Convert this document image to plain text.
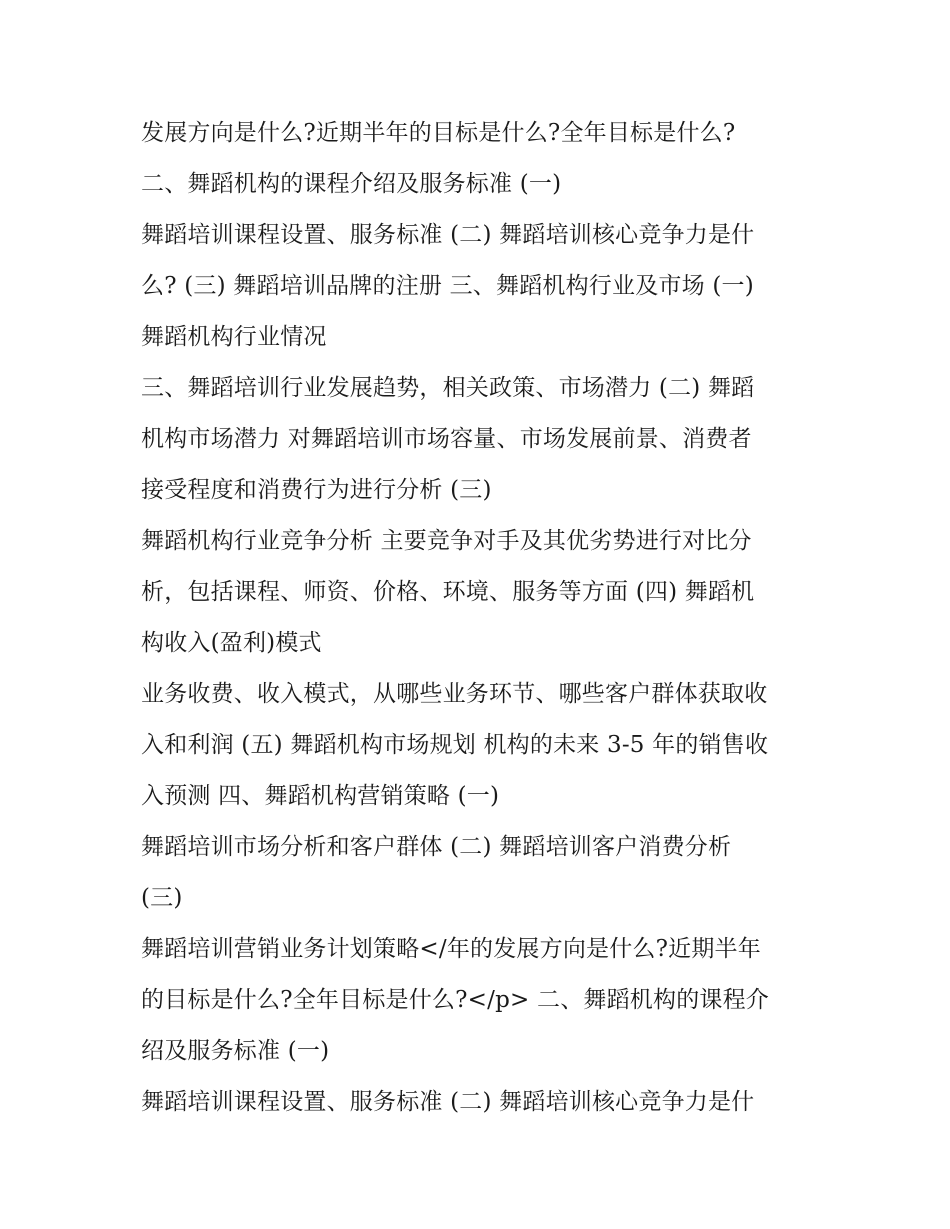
发展方向是什么?近期半年的目标是什么?全年目标是什么?
二、舞蹈机构的课程介绍及服务标准 (一)
舞蹈培训课程设置、服务标准 (二) 舞蹈培训核心竞争力是什
么? (三) 舞蹈培训品牌的注册 三、舞蹈机构行业及市场 (一)
舞蹈机构行业情况
三、舞蹈培训行业发展趋势，相关政策、市场潜力 (二) 舞蹈
机构市场潜力 对舞蹈培训市场容量、市场发展前景、消费者
接受程度和消费行为进行分析 (三)
舞蹈机构行业竞争分析 主要竞争对手及其优劣势进行对比分
析，包括课程、师资、价格、环境、服务等方面 (四) 舞蹈机
构收入(盈利)模式
业务收费、收入模式，从哪些业务环节、哪些客户群体获取收
入和利润 (五) 舞蹈机构市场规划 机构的未来 3-5 年的销售收
入预测 四、舞蹈机构营销策略 (一)
舞蹈培训市场分析和客户群体 (二) 舞蹈培训客户消费分析
(三)
舞蹈培训营销业务计划策略</年的发展方向是什么?近期半年
的目标是什么?全年目标是什么?</p> 二、舞蹈机构的课程介
绍及服务标准 (一)
舞蹈培训课程设置、服务标准 (二) 舞蹈培训核心竞争力是什
